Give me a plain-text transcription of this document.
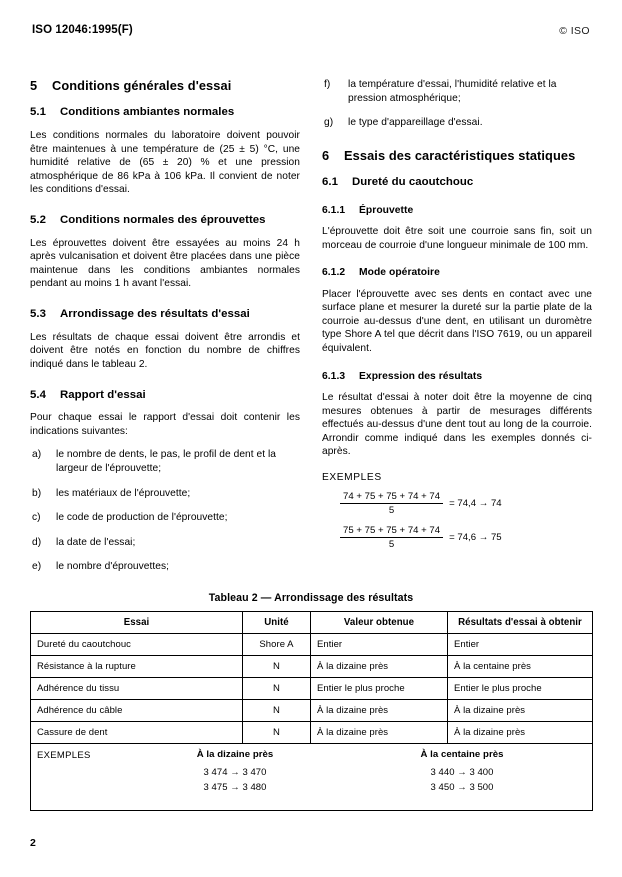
ISO 12046:1995(F)	© ISO
5 Conditions générales d'essai
5.1 Conditions ambiantes normales

Les conditions normales du laboratoire doivent pouvoir être maintenues à une température de (25 ± 5) °C, une humidité relative de (65 ± 20) % et une pression atmosphérique de 86 kPa à 106 kPa. Il convient de noter les conditions d'essai.

5.2 Conditions normales des éprouvettes

Les éprouvettes doivent être essayées au moins 24 h après vulcanisation et doivent être placées dans une pièce maintenue dans les conditions ambiantes normales pendant au moins 1 h avant l'essai.

5.3 Arrondissage des résultats d'essai

Les résultats de chaque essai doivent être arrondis et doivent être notés en fonction du nombre de chiffres indiqué dans le tableau 2.

5.4 Rapport d'essai

Pour chaque essai le rapport d'essai doit contenir les indications suivantes:

a) le nombre de dents, le pas, le profil de dent et la largeur de l'éprouvette;
b) les matériaux de l'éprouvette;
c) le code de production de l'éprouvette;
d) la date de l'essai;
e) le nombre d'éprouvettes;
f) la température d'essai, l'humidité relative et la pression atmosphérique;
g) le type d'appareillage d'essai.
6 Essais des caractéristiques statiques
6.1 Dureté du caoutchouc
6.1.1 Éprouvette

L'éprouvette doit être soit une courroie sans fin, soit un morceau de courroie d'une longueur minimale de 100 mm.

6.1.2 Mode opératoire

Placer l'éprouvette avec ses dents en contact avec une surface plane et mesurer la dureté sur la partie plate de la courroie au-dessus d'une dent, en utilisant un duromètre type Shore A tel que décrit dans l'ISO 7619, ou un appareil équivalent.

6.1.3 Expression des résultats

Le résultat d'essai à noter doit être la moyenne de cinq mesures obtenues à partir de mesurages différents effectués au-dessus d'une dent tout au long de la courroie. Arrondir comme indiqué dans les exemples donnés ci-après.

EXEMPLES
$\frac{74 + 75 + 75 + 74 + 74}{5} = 74,4 \to 74$
$\frac{75 + 75 + 75 + 74 + 74}{5} = 74,6 \to 75$
Tableau 2 — Arrondissage des résultats
Essai	Unité	Valeur obtenue	Résultats d'essai à obtenir
Dureté du caoutchouc	Shore A	Entier	Entier
Résistance à la rupture	N	À la dizaine près	À la centaine près
Adhérence du tissu	N	Entier le plus proche	Entier le plus proche
Adhérence du câble	N	À la dizaine près	À la dizaine près
Cassure de dent	N	À la dizaine près	À la dizaine près

EXEMPLES	À la dizaine près
3 474 → 3 470
3 475 → 3 480
À la centaine près
3 440 → 3 400
3 450 → 3 500
2
